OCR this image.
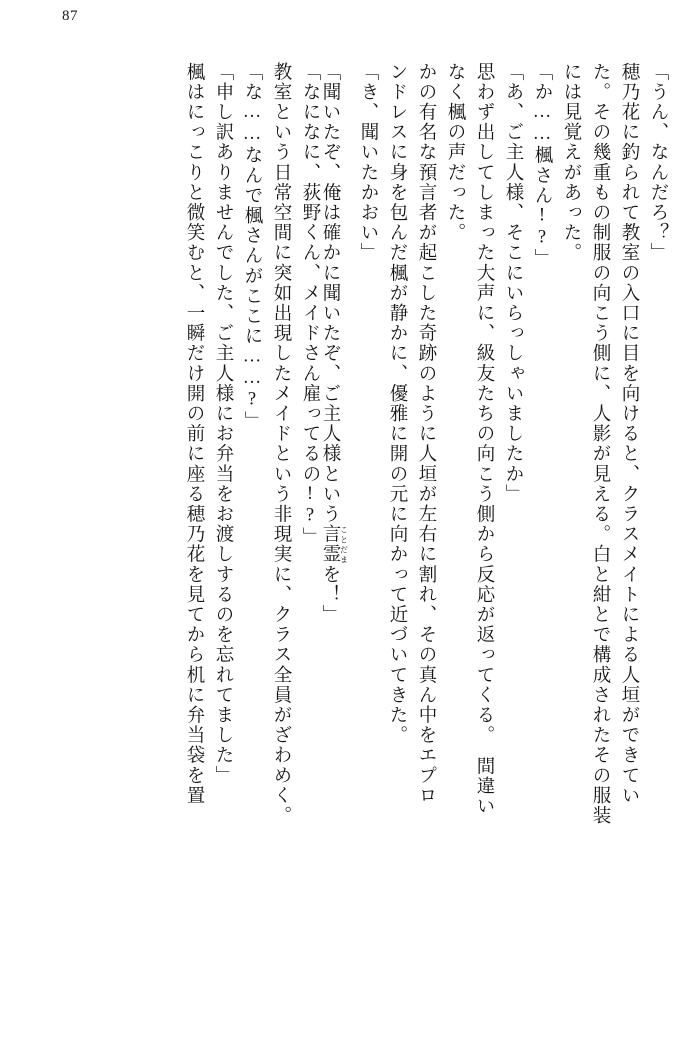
87
「うん、なんだろ？」
穂乃花に釣られて教室の入口に目を向けると、クラスメイトによる人垣ができてい
た。その幾重もの制服の向こう側に、人影が見える。白と紺とで構成されたその服装
には見覚えがあった。
「か……楓さん!?」
「あ、ご主人様、そこにいらっしゃいましたか」
思わず出してしまった大声に、級友たちの向こう側から反応が返ってくる。　間違い
なく楓の声だった。
かの有名な預言者が起こした奇跡のように人垣が左右に割れ、その真ん中をエプロ
ンドレスに身を包んだ楓が静かに、優雅に開の元に向かって近づいてきた。
「き、聞いたかおい」
「聞いたぞ、俺は確かに聞いたぞ、ご主人様という言霊 ことだまを！」
「なになに、荻野くん、メイドさん雇ってるの!?」
教室という日常空間に突如出現したメイドという非現実に、クラス全員がざわめく。
「な……なんで楓さんがここに……?」
「申し訳ありませんでした、ご主人様にお弁当をお渡しするのを忘れてました」
楓はにっこりと微笑むと、一瞬だけ開の前に座る穂乃花を見てから机に弁当袋を置
